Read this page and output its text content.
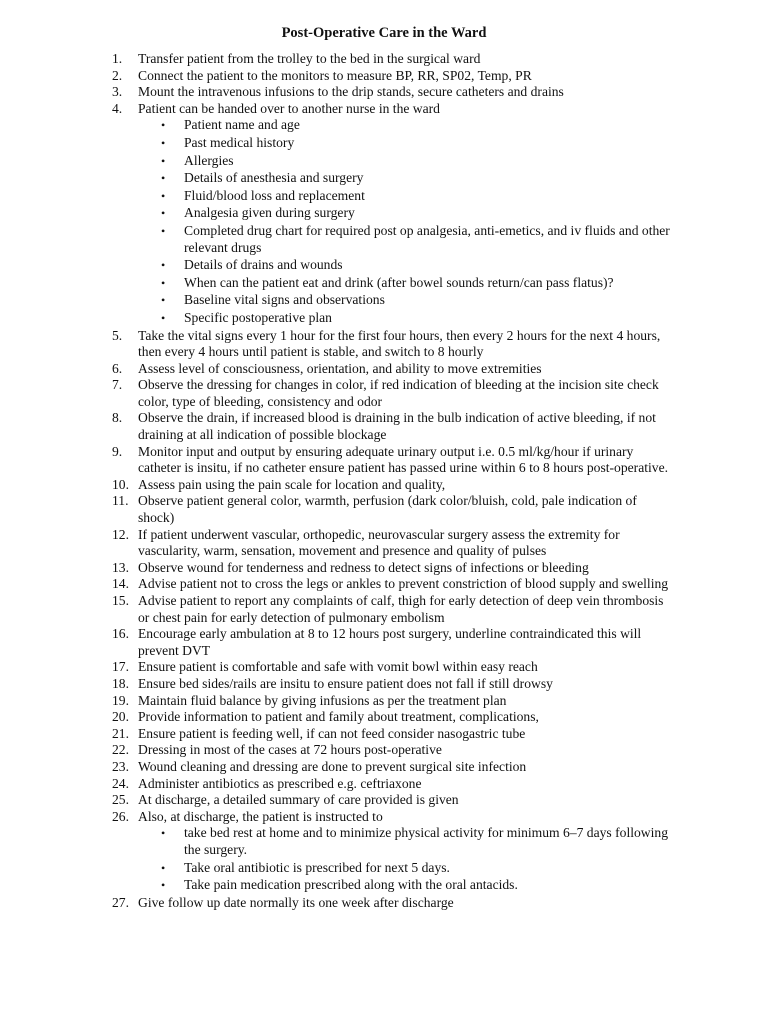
Post-Operative Care in the Ward
1.	Transfer patient from the trolley to the bed in the surgical ward
2.	Connect the patient to the monitors to measure BP, RR, SP02, Temp, PR
3.	Mount the intravenous infusions to the drip stands, secure catheters and drains
4.	Patient can be handed over to another nurse in the ward
• Patient name and age
• Past medical history
• Allergies
• Details of anesthesia and surgery
• Fluid/blood loss and replacement
• Analgesia given during surgery
• Completed drug chart for required post op analgesia, anti-emetics, and iv fluids and other relevant drugs
• Details of drains and wounds
• When can the patient eat and drink (after bowel sounds return/can pass flatus)?
• Baseline vital signs and observations
• Specific postoperative plan
5.	Take the vital signs every 1 hour for the first four hours, then every 2 hours for the next 4 hours, then every 4 hours until patient is stable, and switch to 8 hourly
6.	Assess level of consciousness, orientation, and ability to move extremities
7.	Observe the dressing for changes in color, if red indication of bleeding at the incision site check color, type of bleeding, consistency and odor
8.	Observe the drain, if increased blood is draining in the bulb indication of active bleeding, if not draining at all indication of possible blockage
9.	Monitor input and output by ensuring adequate urinary output i.e. 0.5 ml/kg/hour if urinary catheter is insitu, if no catheter ensure patient has passed urine within 6 to 8 hours post-operative.
10. Assess pain using the pain scale for location and quality,
11. Observe patient general color, warmth, perfusion (dark color/bluish, cold, pale indication of shock)
12. If patient underwent vascular, orthopedic, neurovascular surgery assess the extremity for vascularity, warm, sensation, movement and presence and quality of pulses
13. Observe wound for tenderness and redness to detect signs of infections or bleeding
14. Advise patient not to cross the legs or ankles to prevent constriction of blood supply and swelling
15. Advise patient to report any complaints of calf, thigh for early detection of deep vein thrombosis or chest pain for early detection of pulmonary embolism
16. Encourage early ambulation at 8 to 12 hours post surgery, underline contraindicated this will prevent DVT
17. Ensure patient is comfortable and safe with vomit bowl within easy reach
18. Ensure bed sides/rails are insitu to ensure patient does not fall if still drowsy
19. Maintain fluid balance by giving infusions as per the treatment plan
20. Provide information to patient and family about treatment, complications,
21. Ensure patient is feeding well, if can not feed consider nasogastric tube
22. Dressing in most of the cases at 72 hours post-operative
23. Wound cleaning and dressing are done to prevent surgical site infection
24. Administer antibiotics as prescribed e.g. ceftriaxone
25. At discharge, a detailed summary of care provided is given
26. Also, at discharge, the patient is instructed to
• take bed rest at home and to minimize physical activity for minimum 6–7 days following the surgery.
• Take oral antibiotic is prescribed for next 5 days.
• Take pain medication prescribed along with the oral antacids.
27. Give follow up date normally its one week after discharge
